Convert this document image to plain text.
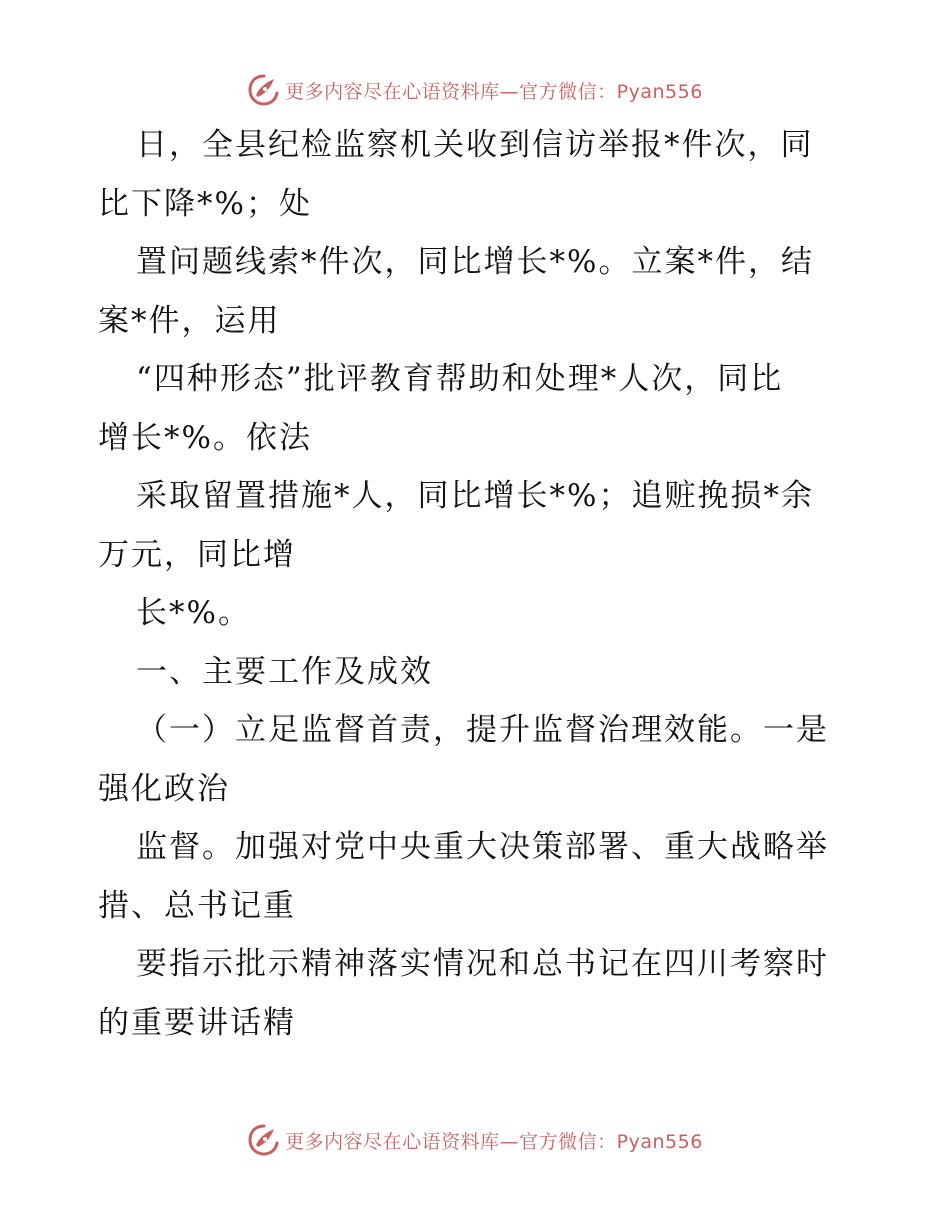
更多内容尽在心语资料库—官方微信：Pyan556
日，全县纪检监察机关收到信访举报*件次，同
比下降*%；处
置问题线索*件次，同比增长*%。立案*件，结
案*件，运用
“四种形态”批评教育帮助和处理*人次，同比
增长*%。依法
采取留置措施*人，同比增长*%；追赃挽损*余
万元，同比增
长*%。
一、主要工作及成效
（一）立足监督首责，提升监督治理效能。一是
强化政治
监督。加强对党中央重大决策部署、重大战略举
措、总书记重
要指示批示精神落实情况和总书记在四川考察时
的重要讲话精
更多内容尽在心语资料库—官方微信：Pyan556
